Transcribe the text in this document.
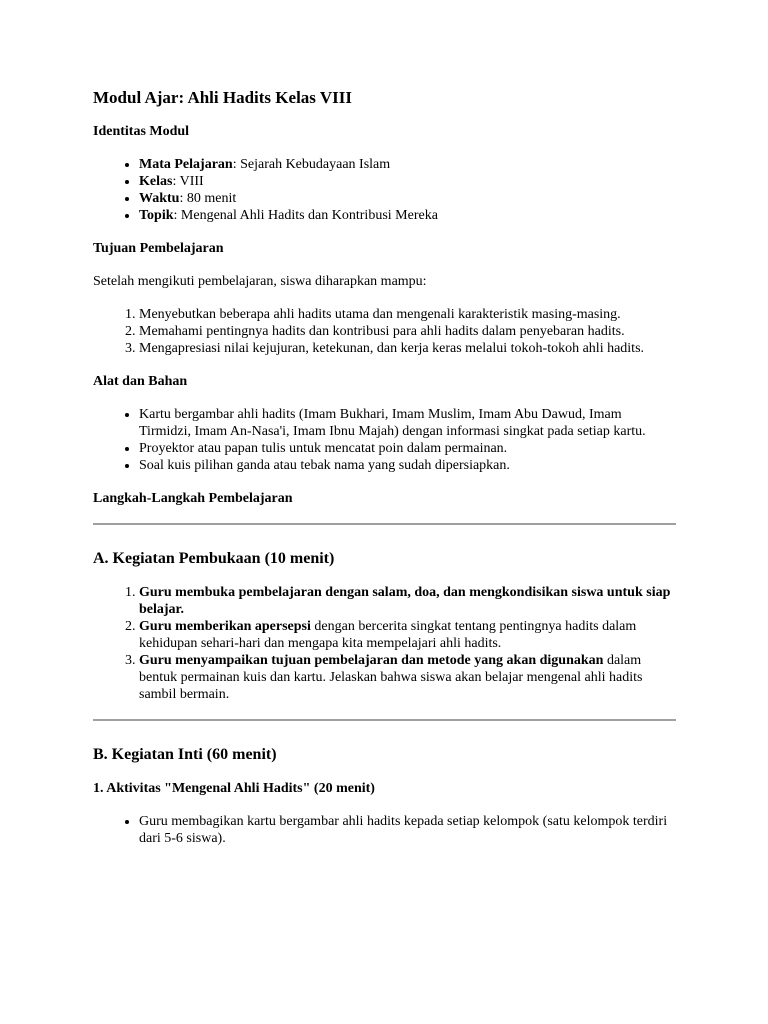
Modul Ajar: Ahli Hadits Kelas VIII
Identitas Modul
• Mata Pelajaran: Sejarah Kebudayaan Islam
• Kelas: VIII
• Waktu: 80 menit
• Topik: Mengenal Ahli Hadits dan Kontribusi Mereka
Tujuan Pembelajaran

Setelah mengikuti pembelajaran, siswa diharapkan mampu:

1. Menyebutkan beberapa ahli hadits utama dan mengenali karakteristik masing-masing.
2. Memahami pentingnya hadits dan kontribusi para ahli hadits dalam penyebaran hadits.
3. Mengapresiasi nilai kejujuran, ketekunan, dan kerja keras melalui tokoh-tokoh ahli hadits.
Alat dan Bahan
• Kartu bergambar ahli hadits (Imam Bukhari, Imam Muslim, Imam Abu Dawud, Imam Tirmidzi, Imam An-Nasa'i, Imam Ibnu Majah) dengan informasi singkat pada setiap kartu.
• Proyektor atau papan tulis untuk mencatat poin dalam permainan.
• Soal kuis pilihan ganda atau tebak nama yang sudah dipersiapkan.
Langkah-Langkah Pembelajaran
A. Kegiatan Pembukaan (10 menit)
1. Guru membuka pembelajaran dengan salam, doa, dan mengkondisikan siswa untuk siap belajar.
2. Guru memberikan apersepsi dengan bercerita singkat tentang pentingnya hadits dalam kehidupan sehari-hari dan mengapa kita mempelajari ahli hadits.
3. Guru menyampaikan tujuan pembelajaran dan metode yang akan digunakan dalam bentuk permainan kuis dan kartu. Jelaskan bahwa siswa akan belajar mengenal ahli hadits sambil bermain.
B. Kegiatan Inti (60 menit)
1. Aktivitas "Mengenal Ahli Hadits" (20 menit)
• Guru membagikan kartu bergambar ahli hadits kepada setiap kelompok (satu kelompok terdiri dari 5-6 siswa).
